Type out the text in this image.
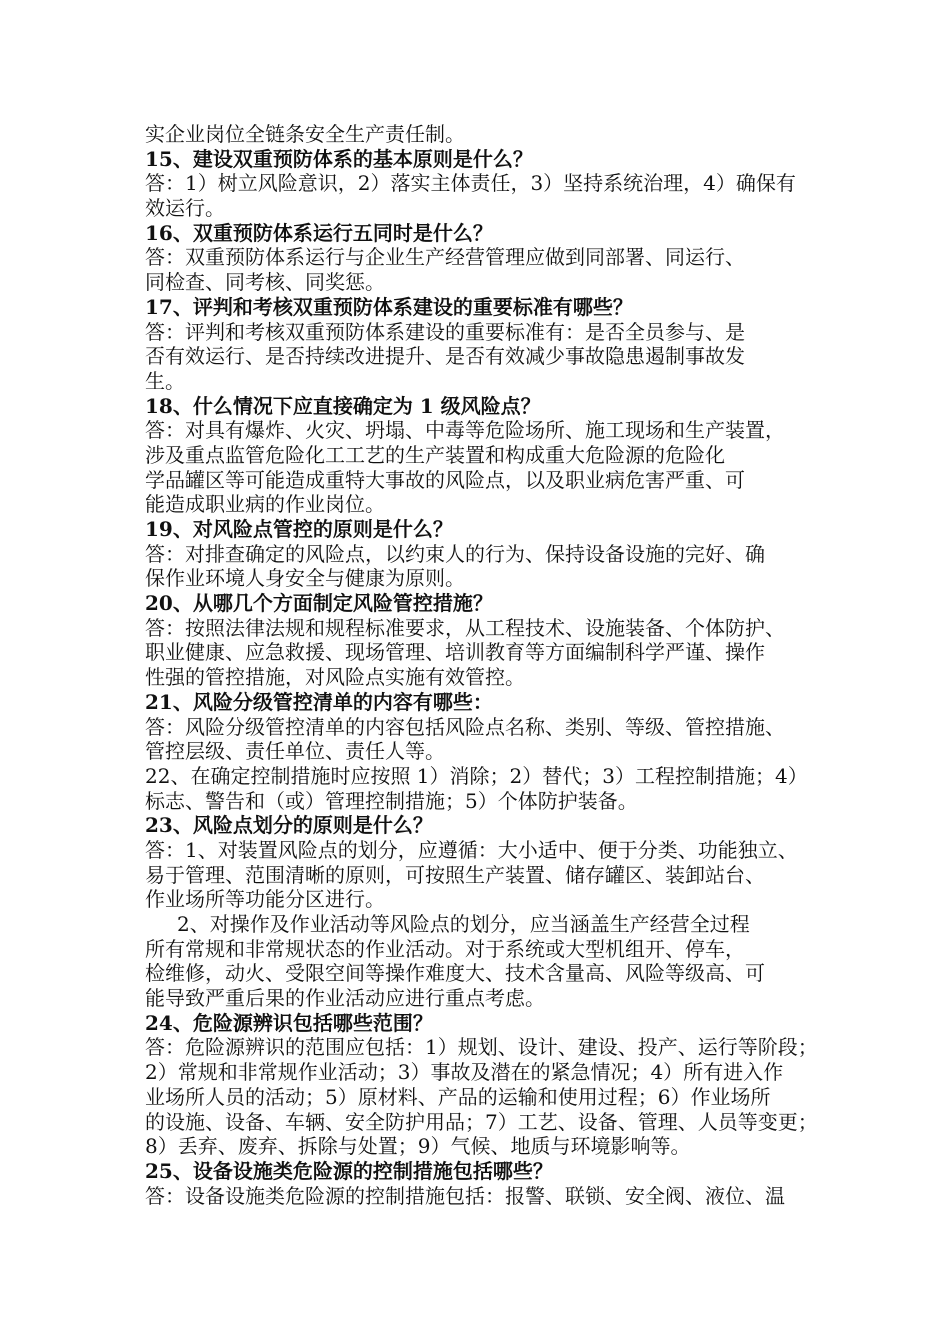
实企业岗位全链条安全生产责任制。
15、建设双重预防体系的基本原则是什么？
答：1）树立风险意识，2）落实主体责任，3）坚持系统治理，4）确保有
效运行。
16、双重预防体系运行五同时是什么？
答：双重预防体系运行与企业生产经营管理应做到同部署、同运行、
同检查、同考核、同奖惩。
17、评判和考核双重预防体系建设的重要标准有哪些？
答：评判和考核双重预防体系建设的重要标准有：是否全员参与、是
否有效运行、是否持续改进提升、是否有效减少事故隐患遏制事故发
生。
18、什么情况下应直接确定为 1 级风险点？
答：对具有爆炸、火灾、坍塌、中毒等危险场所、施工现场和生产装置，
涉及重点监管危险化工工艺的生产装置和构成重大危险源的危险化
学品罐区等可能造成重特大事故的风险点，以及职业病危害严重、可
能造成职业病的作业岗位。
19、对风险点管控的原则是什么？
答：对排查确定的风险点，以约束人的行为、保持设备设施的完好、确
保作业环境人身安全与健康为原则。
20、从哪几个方面制定风险管控措施？
答：按照法律法规和规程标准要求，从工程技术、设施装备、个体防护、
职业健康、应急救援、现场管理、培训教育等方面编制科学严谨、操作
性强的管控措施，对风险点实施有效管控。
21、风险分级管控清单的内容有哪些：
答：风险分级管控清单的内容包括风险点名称、类别、等级、管控措施、
管控层级、责任单位、责任人等。
22、在确定控制措施时应按照 1）消除；2）替代；3）工程控制措施；4）
标志、警告和（或）管理控制措施；5）个体防护装备。
23、风险点划分的原则是什么？
答：1、对装置风险点的划分，应遵循：大小适中、便于分类、功能独立、
易于管理、范围清晰的原则，可按照生产装置、储存罐区、装卸站台、
作业场所等功能分区进行。
2、对操作及作业活动等风险点的划分，应当涵盖生产经营全过程
所有常规和非常规状态的作业活动。对于系统或大型机组开、停车，
检维修，动火、受限空间等操作难度大、技术含量高、风险等级高、可
能导致严重后果的作业活动应进行重点考虑。
24、危险源辨识包括哪些范围？
答：危险源辨识的范围应包括：1）规划、设计、建设、投产、运行等阶段；
2）常规和非常规作业活动；3）事故及潜在的紧急情况；4）所有进入作
业场所人员的活动；5）原材料、产品的运输和使用过程；6）作业场所
的设施、设备、车辆、安全防护用品；7）工艺、设备、管理、人员等变更；
8）丢弃、废弃、拆除与处置；9）气候、地质与环境影响等。
25、设备设施类危险源的控制措施包括哪些？
答：设备设施类危险源的控制措施包括：报警、联锁、安全阀、液位、温
